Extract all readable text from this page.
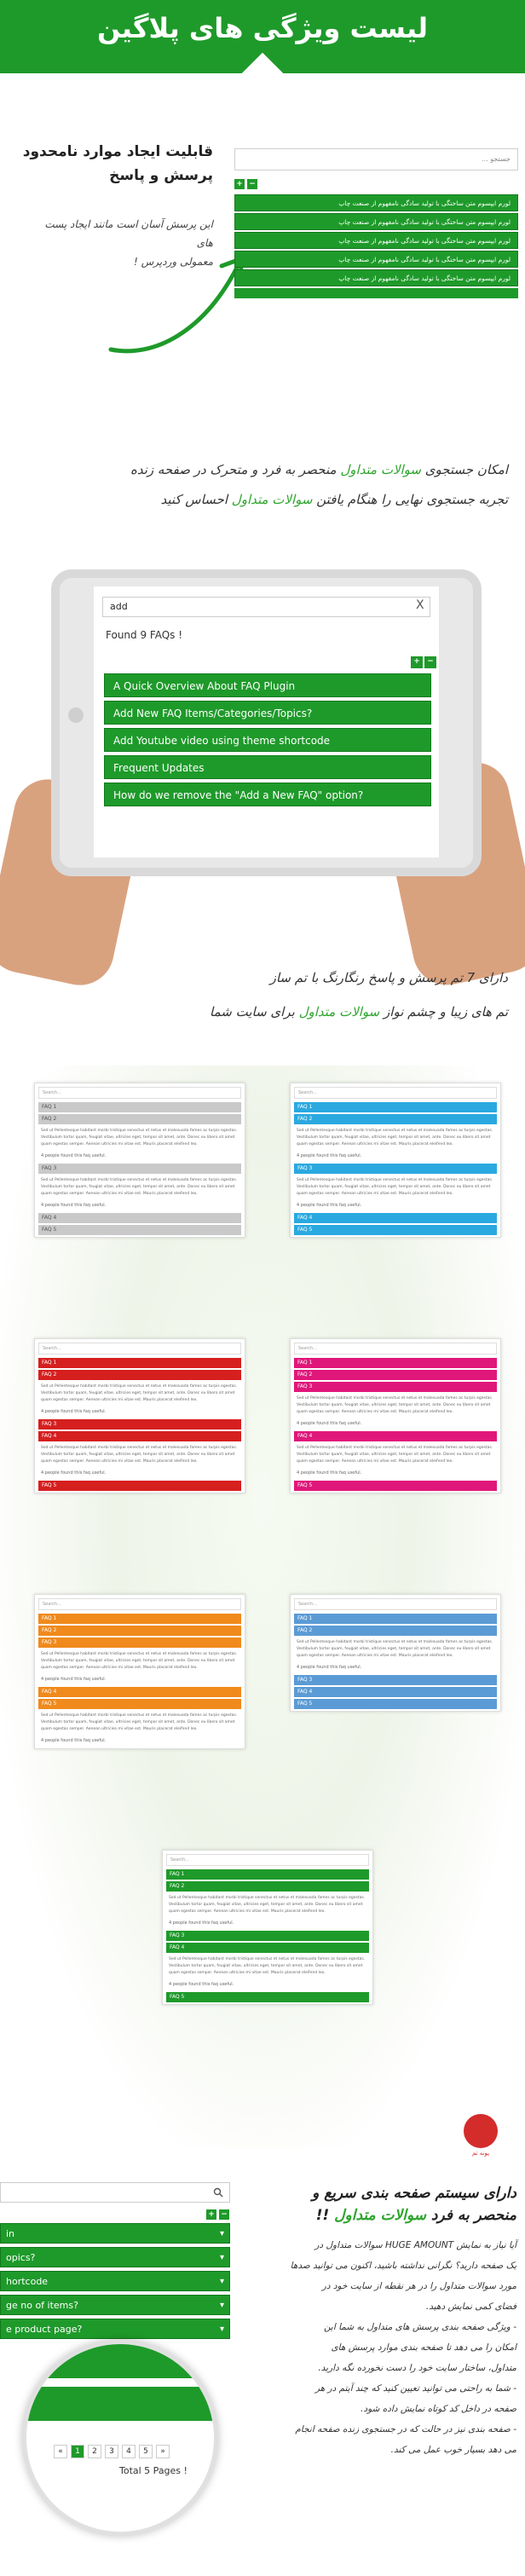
لیست ویژگی های پلاگین
قابلیت ایجاد موارد نامحدود
پرسش و پاسخ
این پرسش آسان است مانند ایجاد پست های
معمولی وردپرس !
جستجو ...
+ −
لورم ایپسوم متن ساختگی با تولید سادگی نامفهوم از صنعت چاپ
لورم ایپسوم متن ساختگی با تولید سادگی نامفهوم از صنعت چاپ
لورم ایپسوم متن ساختگی با تولید سادگی نامفهوم از صنعت چاپ
لورم ایپسوم متن ساختگی با تولید سادگی نامفهوم از صنعت چاپ
لورم ایپسوم متن ساختگی با تولید سادگی نامفهوم از صنعت چاپ
امکان جستجوی سوالات متداول منحصر به فرد و متحرک در صفحه زنده
تجربه جستجوی نهایی را هنگام یافتن سوالات متداول احساس کنید
add	X
Found 9 FAQs !
+ −
A Quick Overview About FAQ Plugin
Add New FAQ Items/Categories/Topics?
Add Youtube video using theme shortcode
Frequent Updates
How do we remove the "Add a New FAQ" option?
دارای 7 تم پرسش و پاسخ رنگارنگ با تم ساز
تم های زیبا و چشم نواز سوالات متداول برای سایت شما
Search...
FAQ 1
FAQ 2
Sed ut Pellentesque habitant morbi tristique senectus et netus et malesuada fames ac turpis egestas. Vestibulum tortor quam, feugiat vitae, ultricies eget, tempor sit amet, ante. Donec eu libero sit amet quam egestas semper. Aenean ultricies mi vitae est. Mauris placerat eleifend leo.
4 people found this faq useful.
FAQ 3
Sed ut Pellentesque habitant morbi tristique senectus et netus et malesuada fames ac turpis egestas. Vestibulum tortor quam, feugiat vitae, ultricies eget, tempor sit amet, ante. Donec eu libero sit amet quam egestas semper. Aenean ultricies mi vitae est. Mauris placerat eleifend leo.
4 people found this faq useful.
FAQ 4
FAQ 5
Search...
FAQ 1
FAQ 2
Sed ut Pellentesque habitant morbi tristique senectus et netus et malesuada fames ac turpis egestas. Vestibulum tortor quam, feugiat vitae, ultricies eget, tempor sit amet, ante. Donec eu libero sit amet quam egestas semper. Aenean ultricies mi vitae est. Mauris placerat eleifend leo.
4 people found this faq useful.
FAQ 3
Sed ut Pellentesque habitant morbi tristique senectus et netus et malesuada fames ac turpis egestas. Vestibulum tortor quam, feugiat vitae, ultricies eget, tempor sit amet, ante. Donec eu libero sit amet quam egestas semper. Aenean ultricies mi vitae est. Mauris placerat eleifend leo.
4 people found this faq useful.
FAQ 4
FAQ 5
Search...
FAQ 1
FAQ 2
Sed ut Pellentesque habitant morbi tristique senectus et netus et malesuada fames ac turpis egestas. Vestibulum tortor quam, feugiat vitae, ultricies eget, tempor sit amet, ante. Donec eu libero sit amet quam egestas semper. Aenean ultricies mi vitae est. Mauris placerat eleifend leo.
4 people found this faq useful.
FAQ 3
FAQ 4
Sed ut Pellentesque habitant morbi tristique senectus et netus et malesuada fames ac turpis egestas. Vestibulum tortor quam, feugiat vitae, ultricies eget, tempor sit amet, ante. Donec eu libero sit amet quam egestas semper. Aenean ultricies mi vitae est. Mauris placerat eleifend leo.
4 people found this faq useful.
FAQ 5
Search...
FAQ 1
FAQ 2
FAQ 3
Sed ut Pellentesque habitant morbi tristique senectus et netus et malesuada fames ac turpis egestas. Vestibulum tortor quam, feugiat vitae, ultricies eget, tempor sit amet, ante. Donec eu libero sit amet quam egestas semper. Aenean ultricies mi vitae est. Mauris placerat eleifend leo.
4 people found this faq useful.
FAQ 4
Sed ut Pellentesque habitant morbi tristique senectus et netus et malesuada fames ac turpis egestas. Vestibulum tortor quam, feugiat vitae, ultricies eget, tempor sit amet, ante. Donec eu libero sit amet quam egestas semper. Aenean ultricies mi vitae est. Mauris placerat eleifend leo.
4 people found this faq useful.
FAQ 5
Search...
FAQ 1
FAQ 2
FAQ 3
Sed ut Pellentesque habitant morbi tristique senectus et netus et malesuada fames ac turpis egestas. Vestibulum tortor quam, feugiat vitae, ultricies eget, tempor sit amet, ante. Donec eu libero sit amet quam egestas semper. Aenean ultricies mi vitae est. Mauris placerat eleifend leo.
4 people found this faq useful.
FAQ 4
FAQ 5
Sed ut Pellentesque habitant morbi tristique senectus et netus et malesuada fames ac turpis egestas. Vestibulum tortor quam, feugiat vitae, ultricies eget, tempor sit amet, ante. Donec eu libero sit amet quam egestas semper. Aenean ultricies mi vitae est. Mauris placerat eleifend leo.
4 people found this faq useful.
Search...
FAQ 1
FAQ 2
Sed ut Pellentesque habitant morbi tristique senectus et netus et malesuada fames ac turpis egestas. Vestibulum tortor quam, feugiat vitae, ultricies eget, tempor sit amet, ante. Donec eu libero sit amet quam egestas semper. Aenean ultricies mi vitae est. Mauris placerat eleifend leo.
4 people found this faq useful.
FAQ 3
FAQ 4
FAQ 5
Search...
FAQ 1
FAQ 2
Sed ut Pellentesque habitant morbi tristique senectus et netus et malesuada fames ac turpis egestas. Vestibulum tortor quam, feugiat vitae, ultricies eget, tempor sit amet, ante. Donec eu libero sit amet quam egestas semper. Aenean ultricies mi vitae est. Mauris placerat eleifend leo.
4 people found this faq useful.
FAQ 3
FAQ 4
Sed ut Pellentesque habitant morbi tristique senectus et netus et malesuada fames ac turpis egestas. Vestibulum tortor quam, feugiat vitae, ultricies eget, tempor sit amet, ante. Donec eu libero sit amet quam egestas semper. Aenean ultricies mi vitae est. Mauris placerat eleifend leo.
4 people found this faq useful.
FAQ 5
پونه تم
دارای سیستم صفحه بندی سریع و
منحصر به فرد سوالات متداول !!
آیا نیاز به نمایش HUGE AMOUNT سوالات متداول در
یک صفحه دارید؟ نگرانی نداشته باشید، اکنون می توانید صدها
مورد سوالات متداول را در هر نقطه از سایت خود در
فضای کمی نمایش دهید.
- ویژگی صفحه بندی پرسش های متداول به شما این
امکان را می دهد تا صفحه بندی موارد پرسش های
متداول، ساختار سایت خود را دست نخورده نگه دارید.
- شما به راحتی می توانید تعیین کنید که چند آیتم در هر
صفحه در داخل کد کوتاه نمایش داده شود.
- صفحه بندی نیز در حالت که در جستجوی زنده صفحه انجام
می دهد بسیار خوب عمل می کند.
+ −
in	▾
opics?	▾
hortcode	▾
ge no of items?	▾
e product page?	▾
«	1	2	3	4	5	»
Total 5 Pages !
